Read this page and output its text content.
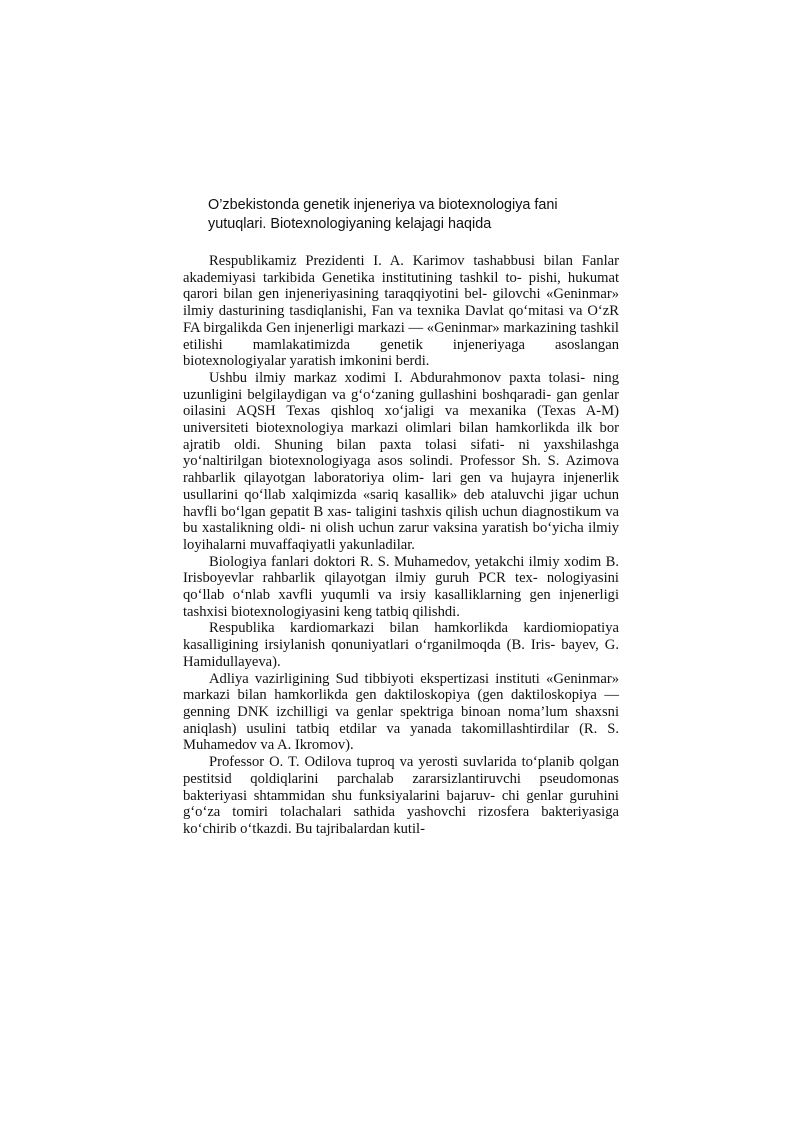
O’zbekistonda genetik injeneriya va biotexnologiya fani
yutuqlari. Biotexnologiyaning kelajagi haqida

Respublikamiz Prezidenti I. A. Karimov tashabbusi bilan Fanlar akademiyasi tarkibida Genetika institutining tashkil to- pishi, hukumat qarori bilan gen injeneriyasining taraqqiyotini bel- gilovchi «Geninmar» ilmiy dasturining tasdiqlanishi, Fan va texnika Davlat qo‘mitasi va O‘zR FA birgalikda Gen injenerligi markazi — «Geninmar» markazining tashkil etilishi mamlakatimizda genetik injeneriyaga asoslangan biotexnologiyalar yaratish imkonini berdi.

Ushbu ilmiy markaz xodimi I. Abdurahmonov paxta tolasi- ning uzunligini belgilaydigan va g‘o‘zaning gullashini boshqaradi- gan genlar oilasini AQSH Texas qishloq xo‘jaligi va mexanika (Texas A-M) universiteti biotexnologiya markazi olimlari bilan hamkorlikda ilk bor ajratib oldi. Shuning bilan paxta tolasi sifati- ni yaxshilashga yo‘naltirilgan biotexnologiyaga asos solindi. Professor Sh. S. Azimova rahbarlik qilayotgan laboratoriya olim- lari gen va hujayra injenerlik usullarini qo‘llab xalqimizda «sariq kasallik» deb ataluvchi jigar uchun havfli bo‘lgan gepatit B xas- taligini tashxis qilish uchun diagnostikum va bu xastalikning oldi- ni olish uchun zarur vaksina yaratish bo‘yicha ilmiy loyihalarni muvaffaqiyatli yakunladilar.

Biologiya fanlari doktori R. S. Muhamedov, yetakchi ilmiy xodim B. Irisboyevlar rahbarlik qilayotgan ilmiy guruh PCR tex- nologiyasini qo‘llab o‘nlab xavfli yuqumli va irsiy kasalliklarning gen injenerligi tashxisi biotexnologiyasini keng tatbiq qilishdi.

Respublika kardiomarkazi bilan hamkorlikda kardiomiopatiya kasalligining irsiylanish qonuniyatlari o‘rganilmoqda (B. Iris- bayev, G. Hamidullayeva).

Adliya vazirligining Sud tibbiyoti ekspertizasi instituti «Geninmar» markazi bilan hamkorlikda gen daktiloskopiya (gen daktiloskopiya — genning DNK izchilligi va genlar spektriga binoan noma’lum shaxsni aniqlash) usulini tatbiq etdilar va yanada takomillashtirdilar (R. S. Muhamedov va A. Ikromov).

Professor O. T. Odilova tuproq va yerosti suvlarida to‘planib qolgan pestitsid qoldiqlarini parchalab zararsizlantiruvchi pseudomonas bakteriyasi shtammidan shu funksiyalarini bajaruv- chi genlar guruhini g‘o‘za tomiri tolachalari sathida yashovchi rizosfera bakteriyasiga ko‘chirib o‘tkazdi. Bu tajribalardan kutil-
